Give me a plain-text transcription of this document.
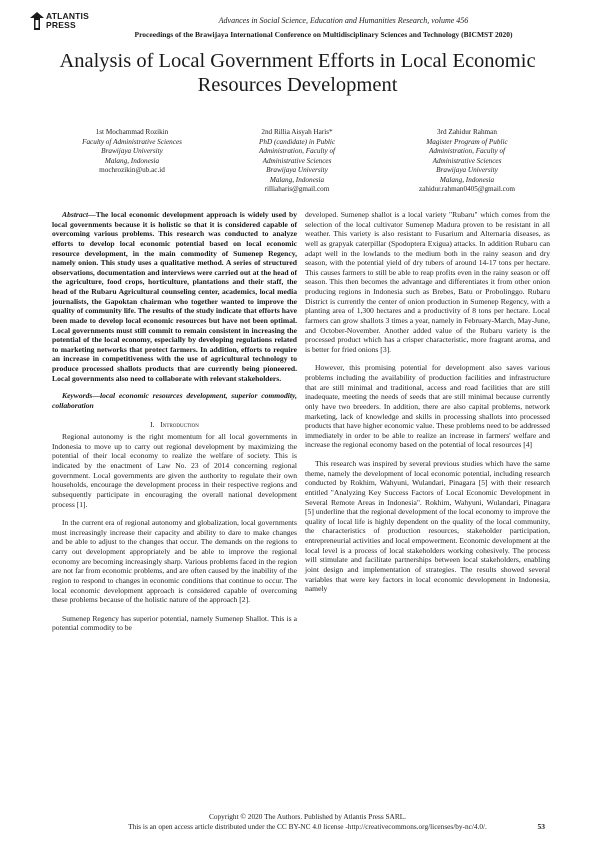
ATLANTIS
PRESS	Advances in Social Science, Education and Humanities Research, volume 456
Proceedings of the Brawijaya International Conference on Multidisciplinary Sciences and Technology (BICMST 2020)
Analysis of Local Government Efforts in Local Economic Resources Development
1st Mochammad Rozikin
Faculty of Administrative Sciences
Brawijaya University
Malang, Indonesia
mochrozikin@ub.ac.id
2nd Rillia Aisyah Haris*
PhD (candidate) in Public
Administration, Faculty of
Administrative Sciences
Brawijaya University
Malang, Indonesia
rilliaharis@gmail.com
3rd Zahidur Rahman
Magister Program of Public
Administration, Faculty of
Administrative Sciences
Brawijaya University
Malang, Indonesia
zahidur.rahman0405@gmail.com

Abstract—The local economic development approach is widely used by local governments because it is holistic so that it is considered capable of overcoming various problems. This research was conducted to analyze efforts to develop local economic potential based on local economic resource development, in the main commodity of Sumenep Regency, namely onion. This study uses a qualitative method. A series of structured observations, documentation and interviews were carried out at the head of the agriculture, food crops, horticulture, plantations and their staff, the head of the Rubaru Agricultural counseling center, academics, local media journalists, the Gapoktan chairman who together wanted to improve the quality of community life. The results of the study indicate that efforts have been made to develop local economic resources but have not been optimal. Local governments must still commit to remain consistent in increasing the potential of the local economy, especially by developing regulations related to marketing networks that protect farmers. In addition, efforts to require an increase in competitiveness with the use of agricultural technology to produce processed shallots products that are currently being pioneered. Local governments also need to collaborate with relevant stakeholders.

Keywords—local economic resources development, superior commodity, collaboration

I. Introduction

Regional autonomy is the right momentum for all local governments in Indonesia to move up to carry out regional development by maximizing the potential of their local economy to realize the welfare of society. This is indicated by the enactment of Law No. 23 of 2014 concerning regional government. Local governments are given the authority to regulate their own households, encourage the development process in their respective regions and subsequently participate in encouraging the overall national development process [1].

In the current era of regional autonomy and globalization, local governments must increasingly increase their capacity and ability to dare to make changes and be able to adjust to the changes that occur. The demands on the regions to carry out development appropriately and be able to improve the regional economy are becoming increasingly sharp. Various problems faced in the region are not far from economic problems, and are often caused by the inability of the region to respond to changes in economic conditions that continue to occur. The local economic development approach is considered capable of overcoming these problems because of the holistic nature of the approach [2].

Sumenep Regency has superior potential, namely Sumenep Shallot. This is a potential commodity to be

developed. Sumenep shallot is a local variety "Rubaru" which comes from the selection of the local cultivator Sumenep Madura proven to be resistant in all weather. This variety is also resistant to Fusarium and Alternaria diseases, as well as grapyak caterpillar (Spodoptera Exigua) attacks. In addition Rubaru can adapt well in the lowlands to the medium both in the rainy season and dry season, with the potential yield of dry tubers of around 14-17 tons per hectare. This causes farmers to still be able to reap profits even in the rainy season or off season. This then becomes the advantage and differentiates it from other onion producing regions in Indonesia such as Brebes, Batu or Probolinggo. Rubaru District is currently the center of onion production in Sumenep Regency, with a planting area of 1,300 hectares and a productivity of 8 tons per hectare. Local farmers can grow shallots 3 times a year, namely in February-March, May-June, and October-November. Another added value of the Rubaru variety is the processed product which has a crisper characteristic, more fragrant aroma, and is better for fried onions [3].

However, this promising potential for development also saves various problems including the availability of production facilities and infrastructure that are still minimal and traditional, access and road facilities that are still inadequate, meeting the needs of seeds that are still minimal because currently only have two breeders. In addition, there are also capital problems, network marketing, lack of knowledge and skills in processing shallots into processed products that have higher economic value. These problems need to be addressed immediately in order to be able to realize an increase in farmers' welfare and increase the regional economy based on the potential of local resources [4]

This research was inspired by several previous studies which have the same theme, namely the development of local economic potential, including research conducted by Rokhim, Wahyuni, Wulandari, Pinagara [5] with their research entitled "Analyzing Key Success Factors of Local Economic Development in Several Remote Areas in Indonesia". Rokhim, Wahyuni, Wulandari, Pinagara [5] underline that the regional development of the local economy to improve the quality of local life is highly dependent on the quality of the local community, the characteristics of production resources, stakeholder participation, entrepreneurial activities and local empowerment. Economic development at the local level is a process of local stakeholders working cohesively. The process will stimulate and facilitate partnerships between local stakeholders, enabling joint design and implementation of strategies. The results showed several variables that were key factors in local economic development in Indonesia, namely

Copyright © 2020 The Authors. Published by Atlantis Press SARL.
This is an open access article distributed under the CC BY-NC 4.0 license -http://creativecommons.org/licenses/by-nc/4.0/.	53
